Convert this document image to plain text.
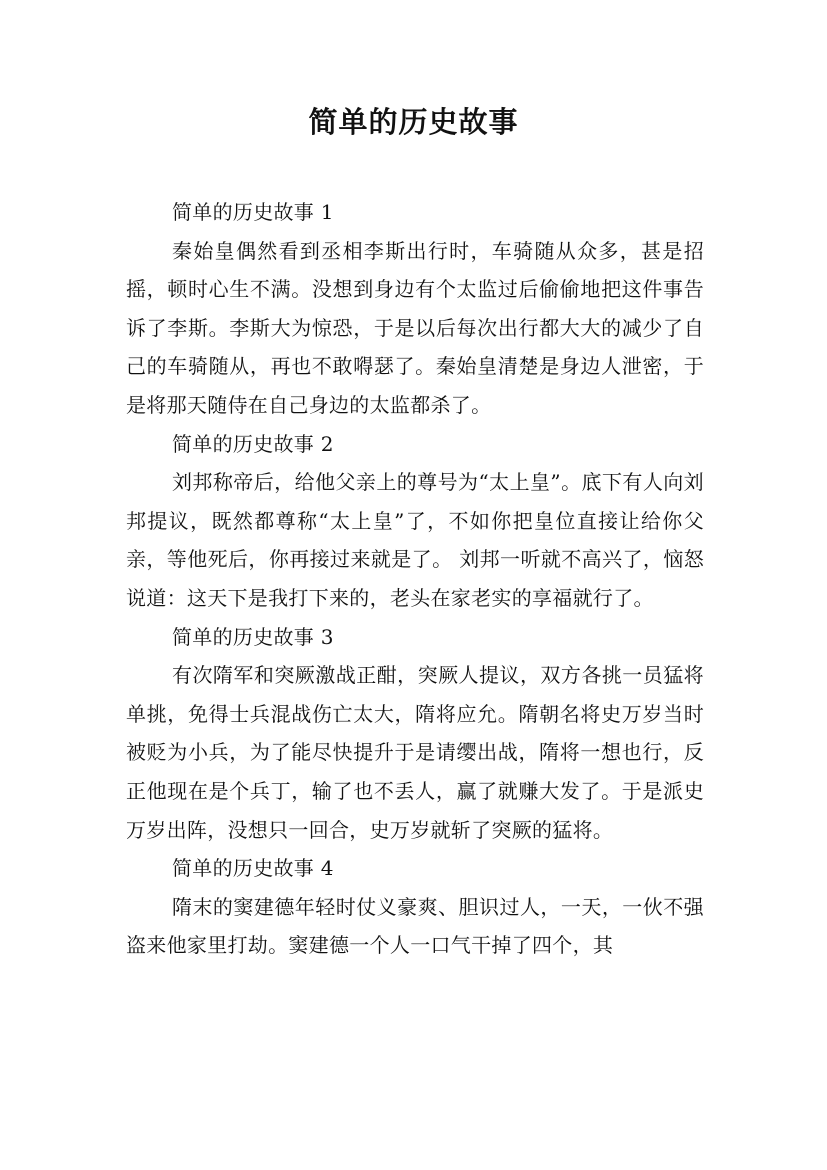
简单的历史故事

简单的历史故事 1

秦始皇偶然看到丞相李斯出行时，车骑随从众多，甚是招摇，顿时心生不满。没想到身边有个太监过后偷偷地把这件事告诉了李斯。李斯大为惊恐，于是以后每次出行都大大的减少了自己的车骑随从，再也不敢嘚瑟了。秦始皇清楚是身边人泄密，于是将那天随侍在自己身边的太监都杀了。

简单的历史故事 2

刘邦称帝后，给他父亲上的尊号为“太上皇”。底下有人向刘邦提议，既然都尊称“太上皇”了，不如你把皇位直接让给你父亲，等他死后，你再接过来就是了。 刘邦一听就不高兴了，恼怒说道：这天下是我打下来的，老头在家老实的享福就行了。

简单的历史故事 3

有次隋军和突厥激战正酣，突厥人提议，双方各挑一员猛将单挑，免得士兵混战伤亡太大，隋将应允。隋朝名将史万岁当时被贬为小兵，为了能尽快提升于是请缨出战，隋将一想也行，反正他现在是个兵丁，输了也不丢人，赢了就赚大发了。于是派史万岁出阵，没想只一回合，史万岁就斩了突厥的猛将。

简单的历史故事 4

隋末的窦建德年轻时仗义豪爽、胆识过人，一天，一伙不强盗来他家里打劫。窦建德一个人一口气干掉了四个，其
